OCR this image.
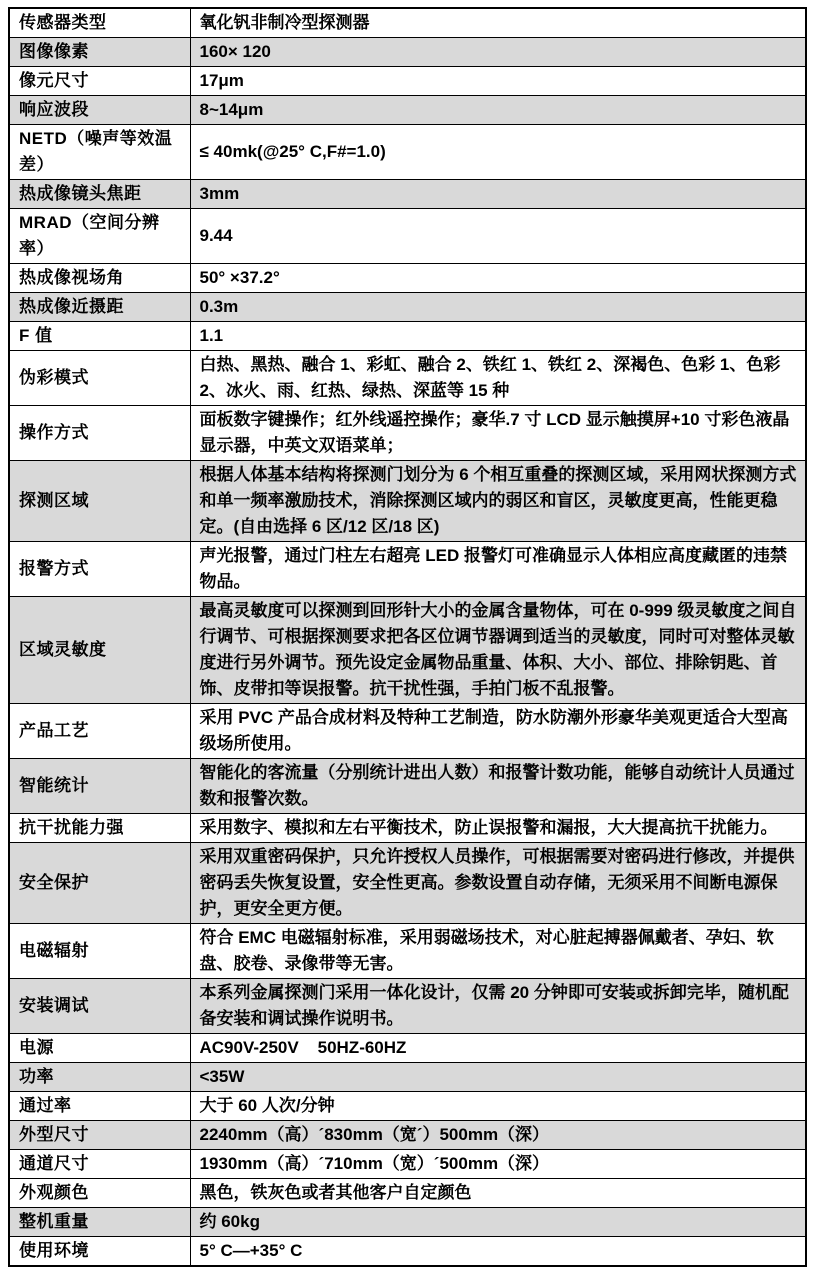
传感器类型	氧化钒非制冷型探测器
图像像素	160× 120
像元尺寸	17μm
响应波段	8~14μm
NETD（噪声等效温差）	≤ 40mk(@25° C,F#=1.0)
热成像镜头焦距	3mm
MRAD（空间分辨率）	9.44
热成像视场角	50° ×37.2°
热成像近摄距	0.3m
F 值	1.1
伪彩模式	白热、黑热、融合 1、彩虹、融合 2、铁红 1、铁红 2、深褐色、色彩 1、色彩 2、冰火、雨、红热、绿热、深蓝等 15 种
操作方式	面板数字键操作；红外线遥控操作；豪华.7 寸 LCD 显示触摸屏+10 寸彩色液晶显示器，中英文双语菜单；
探测区域	根据人体基本结构将探测门划分为 6 个相互重叠的探测区域，采用网状探测方式和单一频率激励技术，消除探测区域内的弱区和盲区，灵敏度更高，性能更稳定。(自由选择 6 区/12 区/18 区)
报警方式	声光报警，通过门柱左右超亮 LED 报警灯可准确显示人体相应高度藏匿的违禁物品。
区域灵敏度	最高灵敏度可以探测到回形针大小的金属含量物体，可在 0-999 级灵敏度之间自行调节、可根据探测要求把各区位调节器调到适当的灵敏度，同时可对整体灵敏度进行另外调节。预先设定金属物品重量、体积、大小、部位、排除钥匙、首饰、皮带扣等误报警。抗干扰性强，手拍门板不乱报警。
产品工艺	采用 PVC 产品合成材料及特种工艺制造，防水防潮外形豪华美观更适合大型高级场所使用。
智能统计	智能化的客流量（分别统计进出人数）和报警计数功能，能够自动统计人员通过数和报警次数。
抗干扰能力强	采用数字、模拟和左右平衡技术，防止误报警和漏报，大大提高抗干扰能力。
安全保护	采用双重密码保护，只允许授权人员操作，可根据需要对密码进行修改，并提供密码丢失恢复设置，安全性更高。参数设置自动存储，无须采用不间断电源保护，更安全更方便。
电磁辐射	符合 EMC 电磁辐射标准，采用弱磁场技术，对心脏起搏器佩戴者、孕妇、软盘、胶卷、录像带等无害。
安装调试	本系列金属探测门采用一体化设计，仅需 20 分钟即可安装或拆卸完毕，随机配备安装和调试操作说明书。
电源	AC90V-250V    50HZ-60HZ
功率	<35W
通过率	大于 60 人次/分钟
外型尺寸	2240mm（高）´830mm（宽´）500mm（深）
通道尺寸	1930mm（高）´710mm（宽）´500mm（深）
外观颜色	黑色，铁灰色或者其他客户自定颜色
整机重量	约 60kg
使用环境	5° C—+35° C
